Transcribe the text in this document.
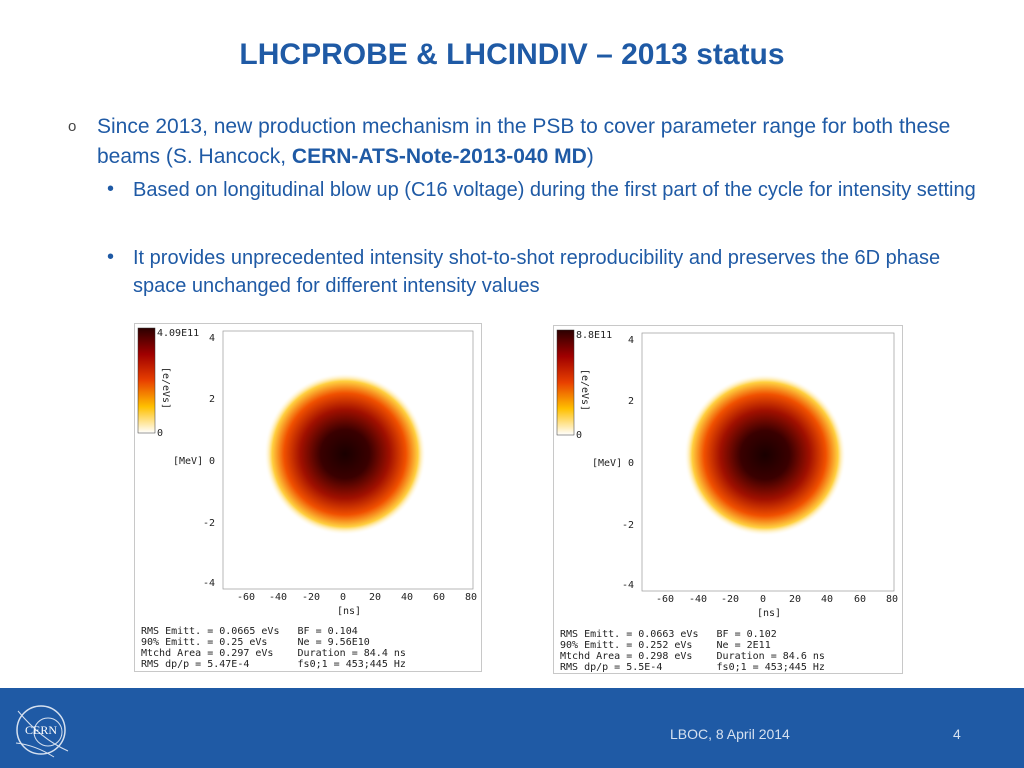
LHCPROBE & LHCINDIV – 2013 status
o Since 2013, new production mechanism in the PSB to cover parameter range for both these beams (S. Hancock, CERN-ATS-Note-2013-040 MD)
• Based on longitudinal blow up (C16 voltage) during the first part of the cycle for intensity setting
• It provides unprecedented intensity shot-to-shot reproducibility and preserves the 6D phase space unchanged for different intensity values
4.09E11
[e/eVs]
0
[MeV]
4
2
0
-2
-4
-60 -40 -20 0 20 40 60 80
[ns]
RMS Emitt. = 0.0665 eVs   BF = 0.104
90% Emitt. = 0.25 eVs     Ne = 9.56E10
Mtchd Area = 0.297 eVs    Duration = 84.4 ns
RMS dp/p = 5.47E-4        fs0;1 = 453;445 Hz
8.8E11
[e/eVs]
0
[MeV]
4
2
0
-2
-4
-60 -40 -20 0 20 40 60 80
[ns]
RMS Emitt. = 0.0663 eVs   BF = 0.102
90% Emitt. = 0.252 eVs    Ne = 2E11
Mtchd Area = 0.298 eVs    Duration = 84.6 ns
RMS dp/p = 5.5E-4         fs0;1 = 453;445 Hz
CERN	LBOC, 8 April 2014	4
